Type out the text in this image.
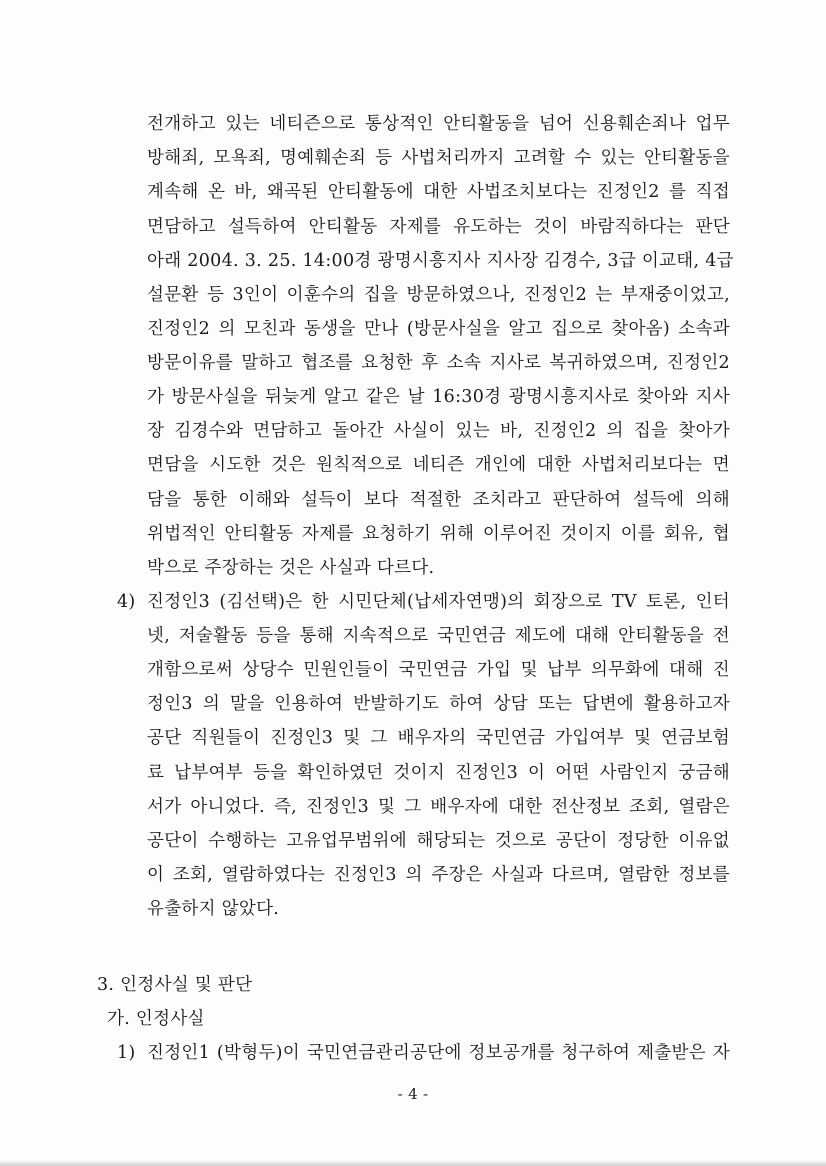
전개하고 있는 네티즌으로 통상적인 안티활동을 넘어 신용훼손죄나 업무
방해죄, 모욕죄, 명예훼손죄 등 사법처리까지 고려할 수 있는 안티활동을
계속해 온 바, 왜곡된 안티활동에 대한 사법조치보다는 진정인2 를 직접
면담하고 설득하여 안티활동 자제를 유도하는 것이 바람직하다는 판단
아래 2004. 3. 25. 14:00경 광명시흥지사 지사장 김경수, 3급 이교태, 4급
설문환 등 3인이 이훈수의 집을 방문하였으나, 진정인2 는 부재중이었고,
진정인2 의 모친과 동생을 만나 (방문사실을 알고 집으로 찾아옴) 소속과
방문이유를 말하고 협조를 요청한 후 소속 지사로 복귀하였으며, 진정인2
가 방문사실을 뒤늦게 알고 같은 날 16:30경 광명시흥지사로 찾아와 지사
장 김경수와 면담하고 돌아간 사실이 있는 바, 진정인2 의 집을 찾아가
면담을 시도한 것은 원칙적으로 네티즌 개인에 대한 사법처리보다는 면
담을 통한 이해와 설득이 보다 적절한 조치라고 판단하여 설득에 의해
위법적인 안티활동 자제를 요청하기 위해 이루어진 것이지 이를 회유, 협
박으로 주장하는 것은 사실과 다르다.
4) 진정인3 (김선택)은 한 시민단체(납세자연맹)의 회장으로 TV 토론, 인터
넷, 저술활동 등을 통해 지속적으로 국민연금 제도에 대해 안티활동을 전
개함으로써 상당수 민원인들이 국민연금 가입 및 납부 의무화에 대해 진
정인3 의 말을 인용하여 반발하기도 하여 상담 또는 답변에 활용하고자
공단 직원들이 진정인3 및 그 배우자의 국민연금 가입여부 및 연금보험
료 납부여부 등을 확인하였던 것이지 진정인3 이 어떤 사람인지 궁금해
서가 아니었다. 즉, 진정인3 및 그 배우자에 대한 전산정보 조회, 열람은
공단이 수행하는 고유업무범위에 해당되는 것으로 공단이 정당한 이유없
이 조회, 열람하였다는 진정인3 의 주장은 사실과 다르며, 열람한 정보를
유출하지 않았다.
3. 인정사실 및 판단
가. 인정사실
1) 진정인1 (박형두)이 국민연금관리공단에 정보공개를 청구하여 제출받은 자
- 4 -
